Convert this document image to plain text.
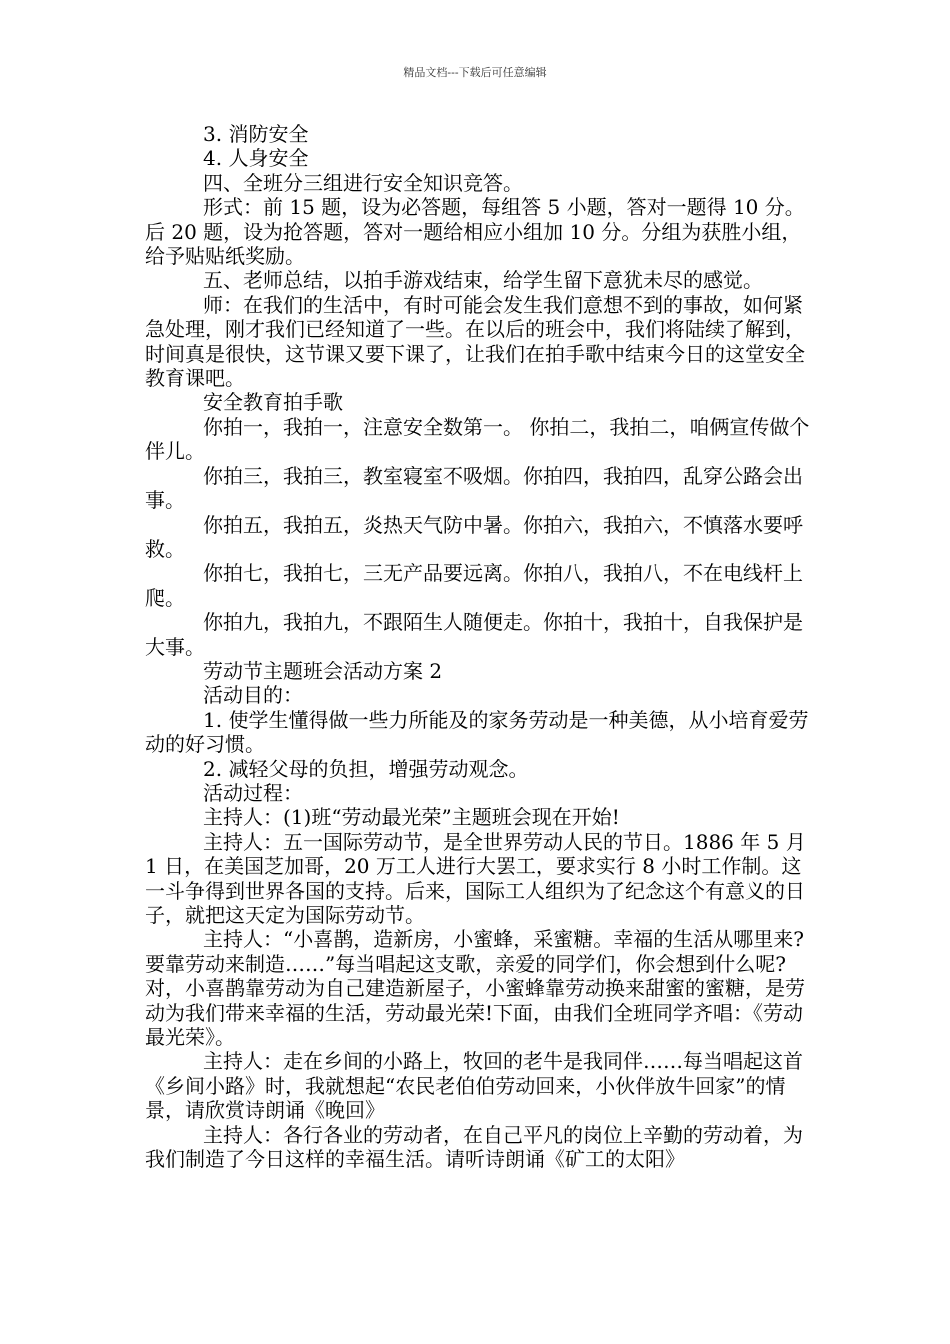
精品文档---下载后可任意编辑

3. 消防安全

4. 人身安全

四、全班分三组进行安全知识竞答。

形式：前 15 题，设为必答题，每组答 5 小题，答对一题得 10 分。后 20 题，设为抢答题，答对一题给相应小组加 10 分。分组为获胜小组，给予贴贴纸奖励。

五、老师总结，以拍手游戏结束，给学生留下意犹未尽的感觉。

师：在我们的生活中，有时可能会发生我们意想不到的事故，如何紧急处理，刚才我们已经知道了一些。在以后的班会中，我们将陆续了解到，时间真是很快，这节课又要下课了，让我们在拍手歌中结束今日的这堂安全教育课吧。

安全教育拍手歌

你拍一，我拍一，注意安全数第一。 你拍二，我拍二，咱俩宣传做个伴儿。

你拍三，我拍三，教室寝室不吸烟。你拍四，我拍四，乱穿公路会出事。

你拍五，我拍五，炎热天气防中暑。你拍六，我拍六，不慎落水要呼救。

你拍七，我拍七，三无产品要远离。你拍八，我拍八，不在电线杆上爬。

你拍九，我拍九，不跟陌生人随便走。你拍十，我拍十，自我保护是大事。

劳动节主题班会活动方案 2

活动目的：

1. 使学生懂得做一些力所能及的家务劳动是一种美德，从小培育爱劳动的好习惯。

2. 减轻父母的负担，增强劳动观念。

活动过程：

主持人：(1)班“劳动最光荣”主题班会现在开始!

主持人：五一国际劳动节，是全世界劳动人民的节日。1886 年 5 月 1 日，在美国芝加哥，20 万工人进行大罢工，要求实行 8 小时工作制。这一斗争得到世界各国的支持。后来，国际工人组织为了纪念这个有意义的日子，就把这天定为国际劳动节。

主持人：“小喜鹊，造新房，小蜜蜂，采蜜糖。幸福的生活从哪里来?要靠劳动来制造……”每当唱起这支歌，亲爱的同学们，你会想到什么呢?对，小喜鹊靠劳动为自己建造新屋子，小蜜蜂靠劳动换来甜蜜的蜜糖，是劳动为我们带来幸福的生活，劳动最光荣!下面，由我们全班同学齐唱：《劳动最光荣》。

主持人：走在乡间的小路上，牧回的老牛是我同伴……每当唱起这首《乡间小路》时，我就想起“农民老伯伯劳动回来，小伙伴放牛回家”的情景，请欣赏诗朗诵《晚回》

主持人：各行各业的劳动者，在自己平凡的岗位上辛勤的劳动着，为我们制造了今日这样的幸福生活。请听诗朗诵《矿工的太阳》
